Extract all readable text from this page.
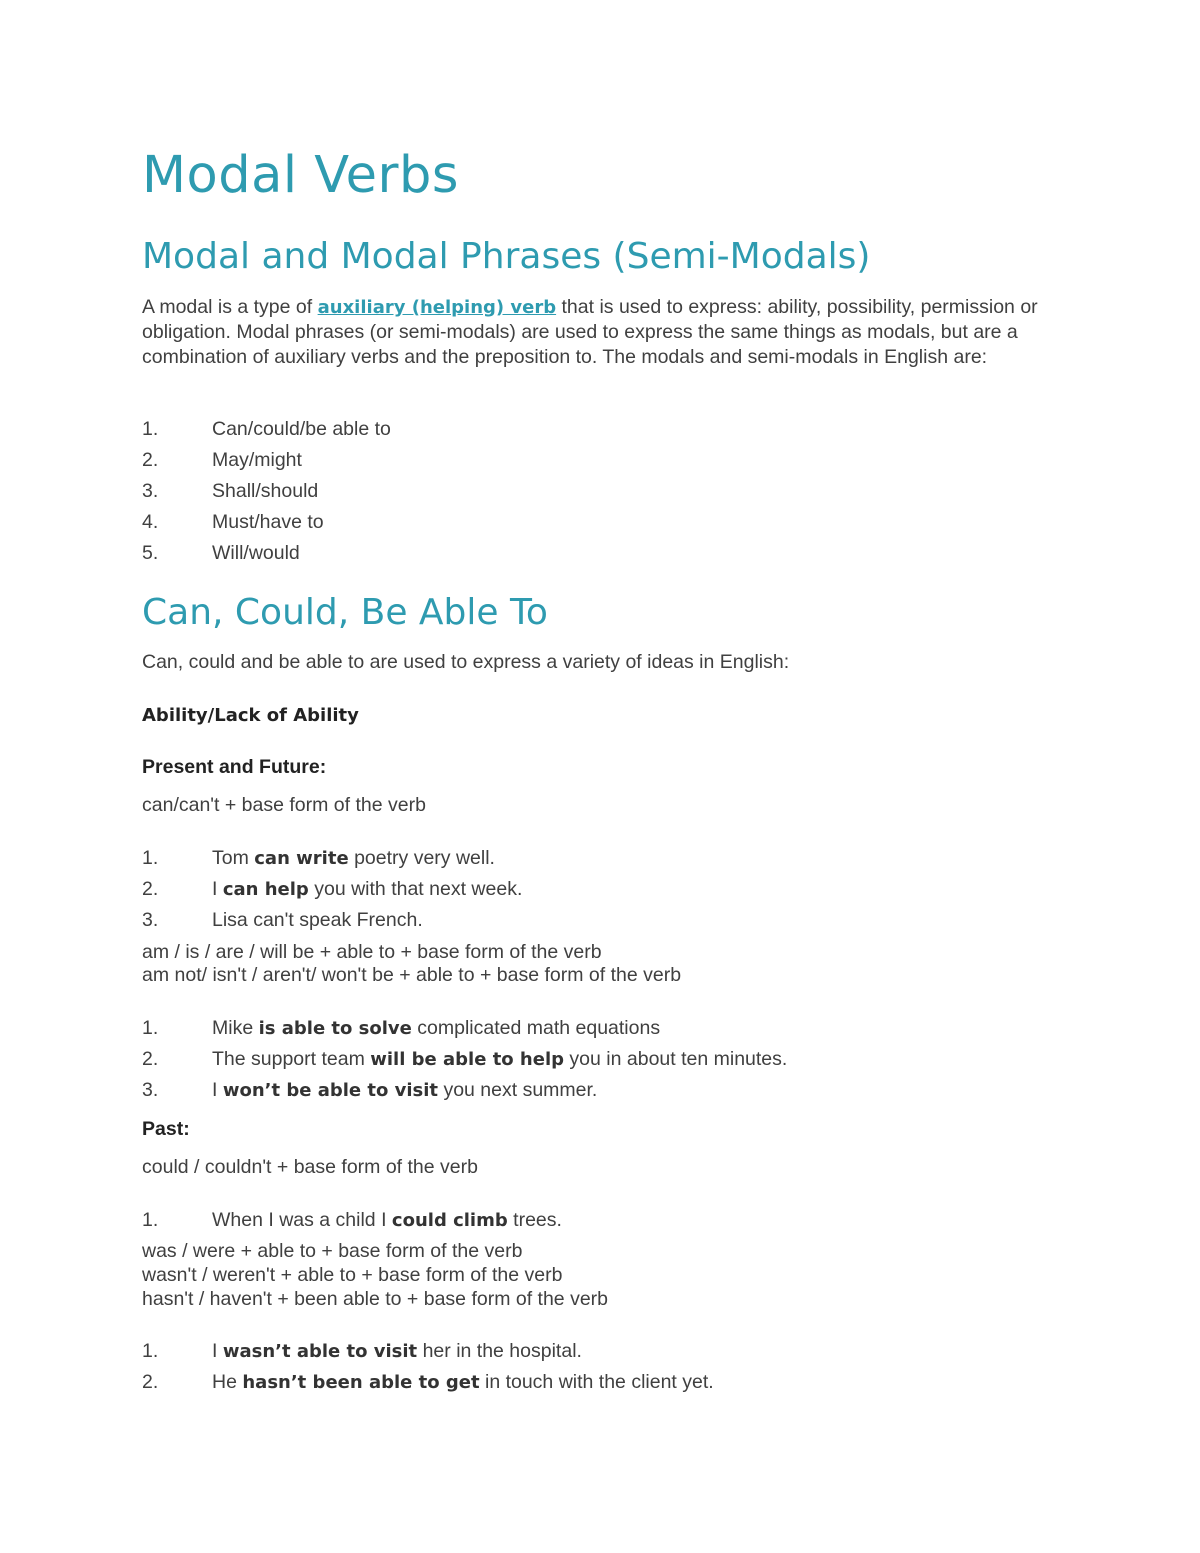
Modal Verbs
Modal and Modal Phrases (Semi-Modals)

A modal is a type of auxiliary (helping) verb that is used to express: ability, possibility, permission or obligation. Modal phrases (or semi-modals) are used to express the same things as modals, but are a combination of auxiliary verbs and the preposition to. The modals and semi-modals in English are:

1.	Can/could/be able to
2.	May/might
3.	Shall/should
4.	Must/have to
5.	Will/would
Can, Could, Be Able To

Can, could and be able to are used to express a variety of ideas in English:

Ability/Lack of Ability

Present and Future:

can/can't + base form of the verb

1.	Tom can write poetry very well.
2.	I can help you with that next week.
3.	Lisa can't speak French.

am / is / are / will be + able to + base form of the verb

am not/ isn't / aren't/ won't be + able to + base form of the verb

1.	Mike is able to solve complicated math equations
2.	The support team will be able to help you in about ten minutes.
3.	I won’t be able to visit you next summer.

Past:

could / couldn't + base form of the verb

1.	When I was a child I could climb trees.

was / were + able to + base form of the verb

wasn't / weren't + able to + base form of the verb

hasn't / haven't + been able to + base form of the verb

1.	I wasn’t able to visit her in the hospital.
2.	He hasn’t been able to get in touch with the client yet.
